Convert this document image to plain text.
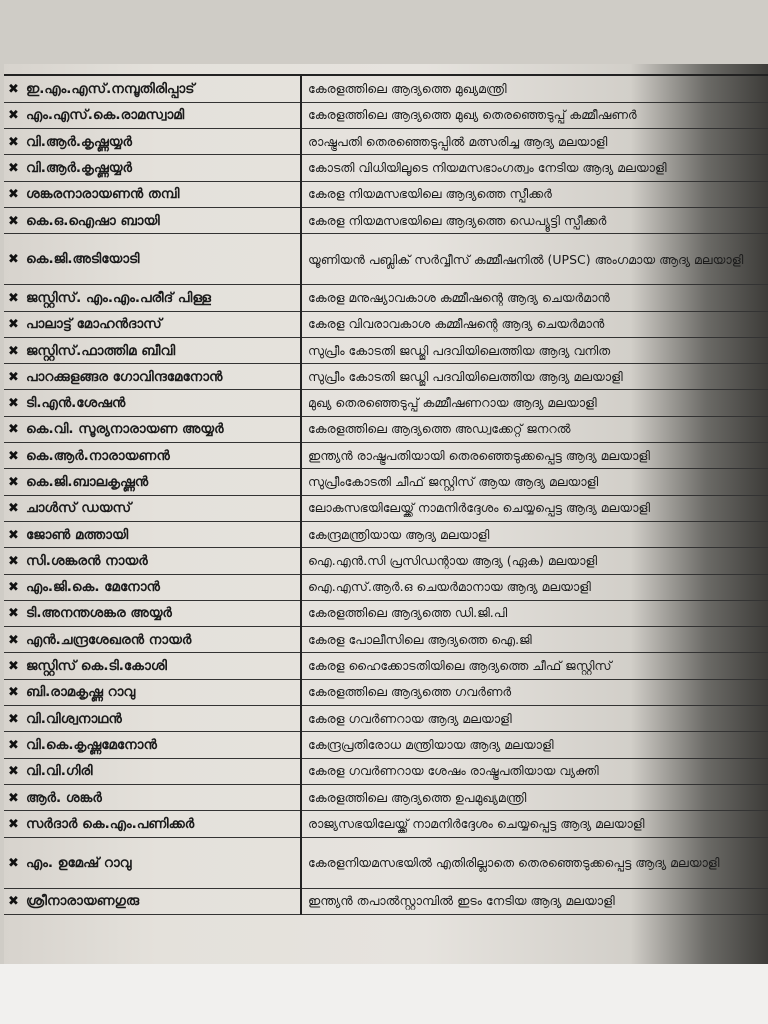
✖ ഇ.എം.എസ്.നമ്പൂതിരിപ്പാട്	കേരളത്തിലെ ആദ്യത്തെ മുഖ്യമന്ത്രി
✖ എം.എസ്.കെ.രാമസ്വാമി	കേരളത്തിലെ ആദ്യത്തെ മുഖ്യ തെരഞ്ഞെടുപ്പ് കമ്മീഷണർ
✖ വി.ആർ.കൃഷ്ണയ്യർ	രാഷ്ട്രപതി തെരഞ്ഞെടുപ്പിൽ മത്സരിച്ച ആദ്യ മലയാളി
✖ വി.ആർ.കൃഷ്ണയ്യർ	കോടതി വിധിയിലൂടെ നിയമസഭാംഗത്വം നേടിയ ആദ്യ മലയാളി
✖ ശങ്കരനാരായണൻ തമ്പി	കേരള നിയമസഭയിലെ ആദ്യത്തെ സ്പീക്കർ
✖ കെ.ഒ.ഐഷാ ബായി	കേരള നിയമസഭയിലെ ആദ്യത്തെ ഡെപ്യൂട്ടി സ്പീക്കർ
✖ കെ.ജി.അടിയോടി	യൂണിയൻ പബ്ലിക് സർവ്വീസ് കമ്മീഷനിൽ (UPSC) അംഗമായ ആദ്യ മലയാളി
✖ ജസ്റ്റിസ്. എം.എം.പരീദ് പിള്ള	കേരള മനുഷ്യാവകാശ കമ്മീഷന്റെ ആദ്യ ചെയർമാൻ
✖ പാലാട്ട് മോഹൻദാസ്	കേരള വിവരാവകാശ കമ്മീഷന്റെ ആദ്യ ചെയർമാൻ
✖ ജസ്റ്റിസ്.ഫാത്തിമ ബീവി	സുപ്രീം കോടതി ജഡ്ജി പദവിയിലെത്തിയ ആദ്യ വനിത
✖ പാറക്കുളങ്ങര ഗോവിന്ദമേനോൻ	സുപ്രീം കോടതി ജഡ്ജി പദവിയിലെത്തിയ ആദ്യ മലയാളി
✖ ടി.എൻ.ശേഷൻ	മുഖ്യ തെരഞ്ഞെടുപ്പ് കമ്മീഷണറായ ആദ്യ മലയാളി
✖ കെ.വി. സൂര്യനാരായണ അയ്യർ	കേരളത്തിലെ ആദ്യത്തെ അഡ്വക്കേറ്റ് ജനറൽ
✖ കെ.ആർ.നാരായണൻ	ഇന്ത്യൻ രാഷ്ട്രപതിയായി തെരഞ്ഞെടുക്കപ്പെട്ട ആദ്യ മലയാളി
✖ കെ.ജി.ബാലകൃഷ്ണൻ	സുപ്രീംകോടതി ചീഫ് ജസ്റ്റിസ് ആയ ആദ്യ മലയാളി
✖ ചാൾസ് ഡയസ്	ലോകസഭയിലേയ്ക്ക് നാമനിർദ്ദേശം ചെയ്യപ്പെട്ട ആദ്യ മലയാളി
✖ ജോൺ മത്തായി	കേന്ദ്രമന്ത്രിയായ ആദ്യ മലയാളി
✖ സി.ശങ്കരൻ നായർ	ഐ.എൻ.സി പ്രസിഡന്റായ ആദ്യ (ഏക) മലയാളി
✖ എം.ജി.കെ. മേനോൻ	ഐ.എസ്.ആർ.ഒ ചെയർമാനായ ആദ്യ മലയാളി
✖ ടി.അനന്തശങ്കര അയ്യർ	കേരളത്തിലെ ആദ്യത്തെ ഡി.ജി.പി
✖ എൻ.ചന്ദ്രശേഖരൻ നായർ	കേരള പോലീസിലെ ആദ്യത്തെ ഐ.ജി
✖ ജസ്റ്റിസ് കെ.ടി.കോശി	കേരള ഹൈക്കോടതിയിലെ ആദ്യത്തെ ചീഫ് ജസ്റ്റിസ്
✖ ബി.രാമകൃഷ്ണ റാവു	കേരളത്തിലെ ആദ്യത്തെ ഗവർണർ
✖ വി.വിശ്വനാഥൻ	കേരള ഗവർണറായ ആദ്യ മലയാളി
✖ വി.കെ.കൃഷ്ണമേനോൻ	കേന്ദ്രപ്രതിരോധ മന്ത്രിയായ ആദ്യ മലയാളി
✖ വി.വി.ഗിരി	കേരള ഗവർണറായ ശേഷം രാഷ്ട്രപതിയായ വ്യക്തി
✖ ആർ. ശങ്കർ	കേരളത്തിലെ ആദ്യത്തെ ഉപമുഖ്യമന്ത്രി
✖ സർദാർ കെ.എം.പണിക്കർ	രാജ്യസഭയിലേയ്ക്ക് നാമനിർദ്ദേശം ചെയ്യപ്പെട്ട ആദ്യ മലയാളി
✖ എം. ഉമേഷ് റാവു	കേരളനിയമസഭയിൽ എതിരില്ലാതെ തെരഞ്ഞെടുക്കപ്പെട്ട ആദ്യ മലയാളി
✖ ശ്രീനാരായണഗുരു	ഇന്ത്യൻ തപാൽസ്റ്റാമ്പിൽ ഇടം നേടിയ ആദ്യ മലയാളി
